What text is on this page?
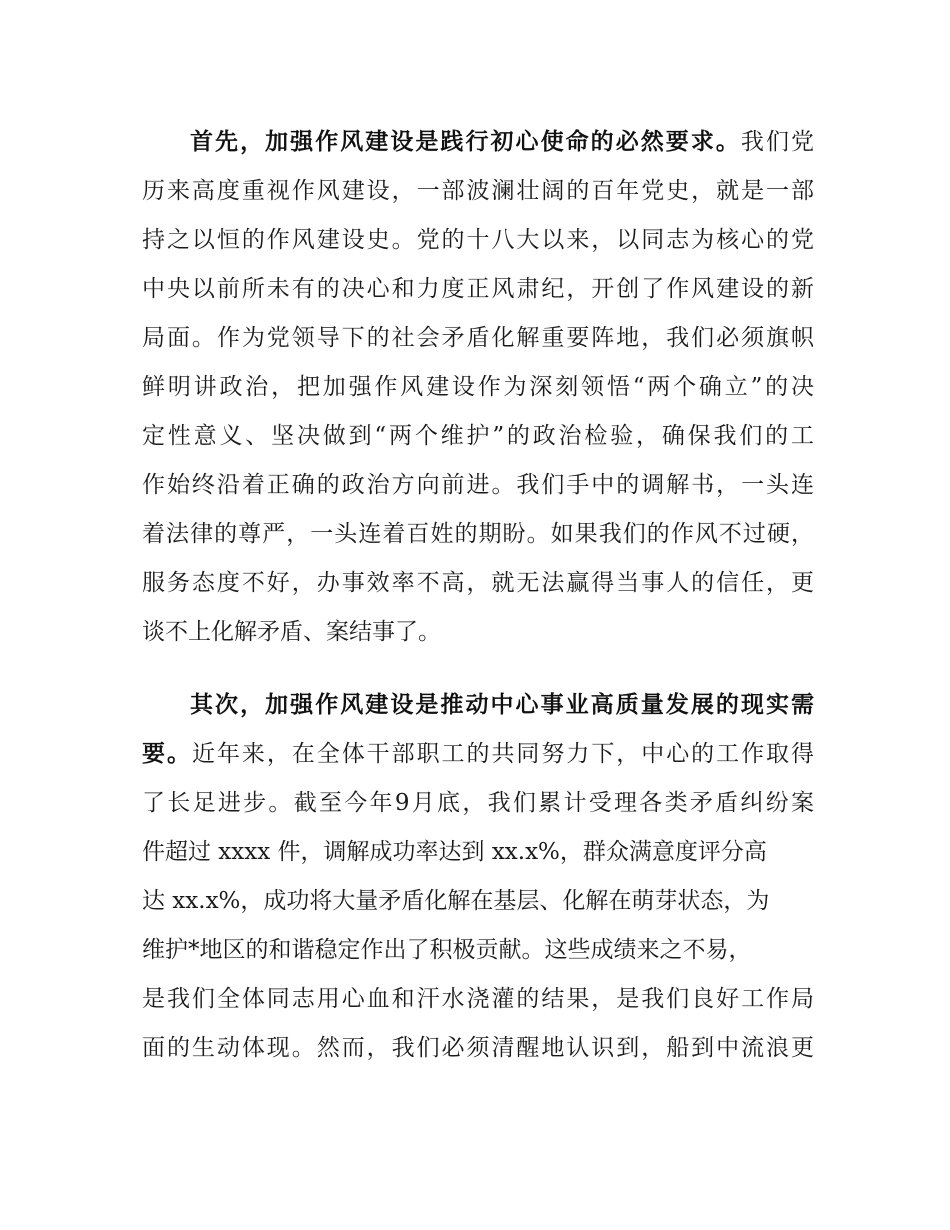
首先，加强作风建设是践行初心使命的必然要求。我们党
历来高度重视作风建设，一部波澜壮阔的百年党史，就是一部
持之以恒的作风建设史。党的十八大以来，以同志为核心的党
中央以前所未有的决心和力度正风肃纪，开创了作风建设的新
局面。作为党领导下的社会矛盾化解重要阵地，我们必须旗帜
鲜明讲政治，把加强作风建设作为深刻领悟“两个确立”的决
定性意义、坚决做到“两个维护”的政治检验，确保我们的工
作始终沿着正确的政治方向前进。我们手中的调解书，一头连
着法律的尊严，一头连着百姓的期盼。如果我们的作风不过硬，
服务态度不好，办事效率不高，就无法赢得当事人的信任，更
谈不上化解矛盾、案结事了。
其次，加强作风建设是推动中心事业高质量发展的现实需
要。近年来，在全体干部职工的共同努力下，中心的工作取得
了长足进步。截至今年9月底，我们累计受理各类矛盾纠纷案
件超过 xxxx 件，调解成功率达到 xx.x%，群众满意度评分高
达 xx.x%，成功将大量矛盾化解在基层、化解在萌芽状态，为
维护*地区的和谐稳定作出了积极贡献。这些成绩来之不易，
是我们全体同志用心血和汗水浇灌的结果，是我们良好工作局
面的生动体现。然而，我们必须清醒地认识到，船到中流浪更
